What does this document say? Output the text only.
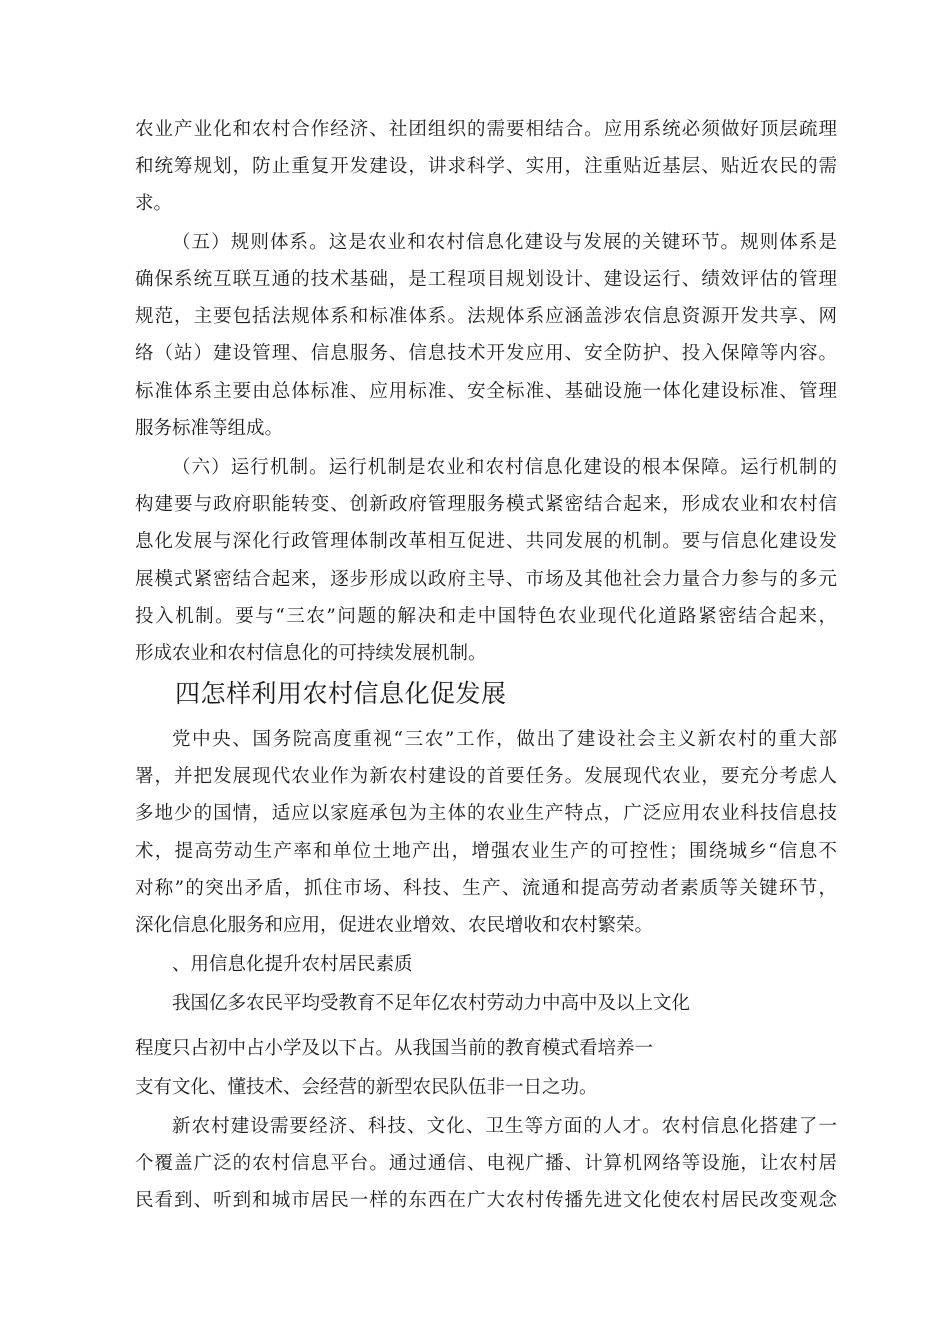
农业产业化和农村合作经济、社团组织的需要相结合。应用系统必须做好顶层疏理
和统筹规划，防止重复开发建设，讲求科学、实用，注重贴近基层、贴近农民的需
求。
（五）规则体系。这是农业和农村信息化建设与发展的关键环节。规则体系是
确保系统互联互通的技术基础，是工程项目规划设计、建设运行、绩效评估的管理
规范，主要包括法规体系和标准体系。法规体系应涵盖涉农信息资源开发共享、网
络（站）建设管理、信息服务、信息技术开发应用、安全防护、投入保障等内容。
标准体系主要由总体标准、应用标准、安全标准、基础设施一体化建设标准、管理
服务标准等组成。
（六）运行机制。运行机制是农业和农村信息化建设的根本保障。运行机制的
构建要与政府职能转变、创新政府管理服务模式紧密结合起来，形成农业和农村信
息化发展与深化行政管理体制改革相互促进、共同发展的机制。要与信息化建设发
展模式紧密结合起来，逐步形成以政府主导、市场及其他社会力量合力参与的多元
投入机制。要与“三农”问题的解决和走中国特色农业现代化道路紧密结合起来，
形成农业和农村信息化的可持续发展机制。
四怎样利用农村信息化促发展
党中央、国务院高度重视“三农”工作，做出了建设社会主义新农村的重大部
署，并把发展现代农业作为新农村建设的首要任务。发展现代农业，要充分考虑人
多地少的国情，适应以家庭承包为主体的农业生产特点，广泛应用农业科技信息技
术，提高劳动生产率和单位土地产出，增强农业生产的可控性；围绕城乡“信息不
对称”的突出矛盾，抓住市场、科技、生产、流通和提高劳动者素质等关键环节，
深化信息化服务和应用，促进农业增效、农民增收和农村繁荣。
、用信息化提升农村居民素质
我国亿多农民平均受教育不足年亿农村劳动力中高中及以上文化
程度只占初中占小学及以下占。从我国当前的教育模式看培养一
支有文化、懂技术、会经营的新型农民队伍非一日之功。
新农村建设需要经济、科技、文化、卫生等方面的人才。农村信息化搭建了一
个覆盖广泛的农村信息平台。通过通信、电视广播、计算机网络等设施，让农村居
民看到、听到和城市居民一样的东西在广大农村传播先进文化使农村居民改变观念
